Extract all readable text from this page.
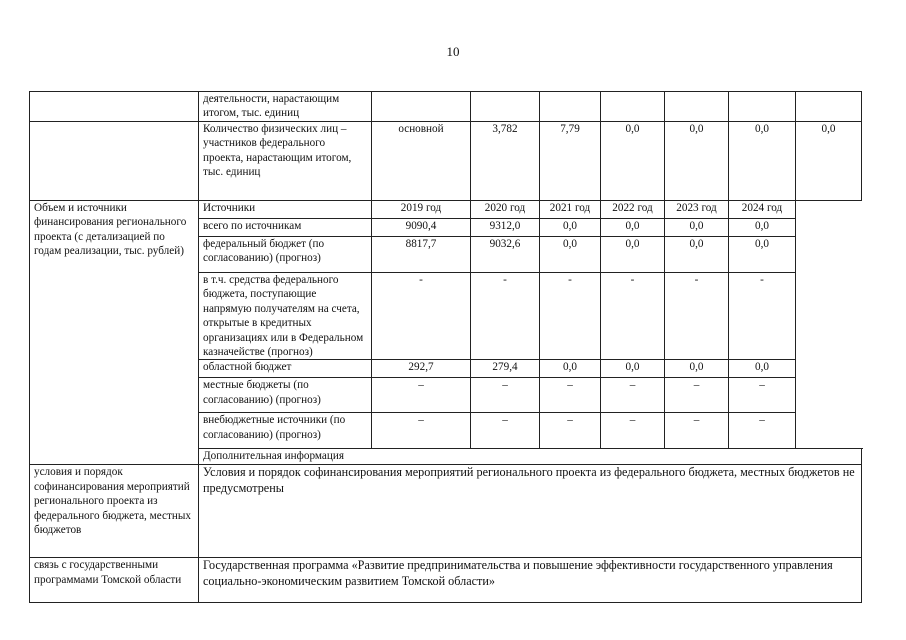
10
	деятельности, нарастающим итогом, тыс. единиц							
	Количество физических лиц – участников федерального проекта, нарастающим итогом, тыс. единиц	основной	3,782	7,79	0,0	0,0	0,0	0,0
Объем и источники финансирования регионального проекта (с детализацией по годам реализации, тыс. рублей)	Источники	2019 год	2020 год	2021 год	2022 год	2023 год	2024 год
	всего по источникам	9090,4	9312,0	0,0	0,0	0,0	0,0	
	федеральный бюджет (по согласованию) (прогноз)	8817,7	9032,6	0,0	0,0	0,0	0,0	
	в т.ч. средства федерального бюджета, поступающие напрямую получателям на счета, открытые в кредитных организациях или в Федеральном казначействе (прогноз)	-	-	-	-	-	-	
	областной бюджет	292,7	279,4	0,0	0,0	0,0	0,0	
	местные бюджеты (по согласованию) (прогноз)	–	–	–	–	–	–	
	внебюджетные источники (по согласованию) (прогноз)	–	–	–	–	–	–	
	Дополнительная информация							
условия и порядок софинансирования мероприятий регионального проекта из федерального бюджета, местных бюджетов	Условия и порядок софинансирования мероприятий регионального проекта из федерального бюджета, местных бюджетов не предусмотрены							
связь с государственными программами Томской области	Государственная программа «Развитие предпринимательства и повышение эффективности государственного управления социально-экономическим развитием Томской области»							
